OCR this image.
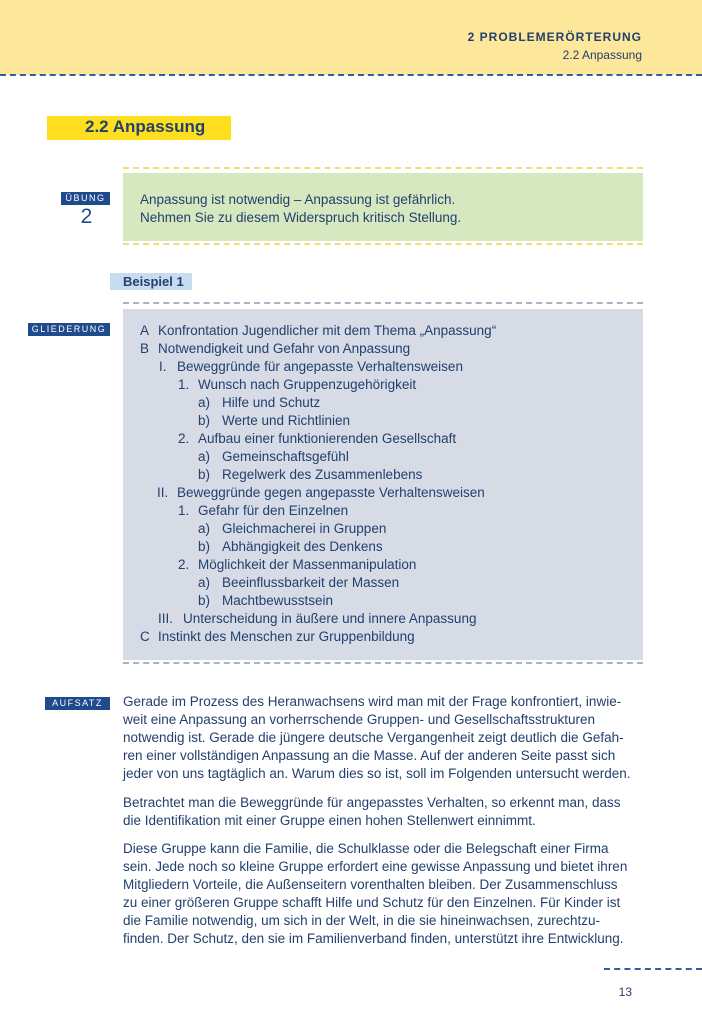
2 PROBLEMERÖRTERUNG
2.2 Anpassung
2.2 Anpassung
ÜBUNG
2
Anpassung ist notwendig – Anpassung ist gefährlich.
Nehmen Sie zu diesem Widerspruch kritisch Stellung.
Beispiel 1
GLIEDERUNG	A Konfrontation Jugendlicher mit dem Thema „Anpassung“
B Notwendigkeit und Gefahr von Anpassung
I. Beweggründe für angepasste Verhaltensweisen
1. Wunsch nach Gruppenzugehörigkeit
a) Hilfe und Schutz
b) Werte und Richtlinien
2. Aufbau einer funktionierenden Gesellschaft
a) Gemeinschaftsgefühl
b) Regelwerk des Zusammenlebens
II. Beweggründe gegen angepasste Verhaltensweisen
1. Gefahr für den Einzelnen
a) Gleichmacherei in Gruppen
b) Abhängigkeit des Denkens
2. Möglichkeit der Massenmanipulation
a) Beeinflussbarkeit der Massen
b) Machtbewusstsein
III. Unterscheidung in äußere und innere Anpassung
C Instinkt des Menschen zur Gruppenbildung
AUFSATZ	Gerade im Prozess des Heranwachsens wird man mit der Frage konfrontiert, inwie-
weit eine Anpassung an vorherrschende Gruppen- und Gesellschaftsstrukturen
notwendig ist. Gerade die jüngere deutsche Vergangenheit zeigt deutlich die Gefah-
ren einer vollständigen Anpassung an die Masse. Auf der anderen Seite passt sich
jeder von uns tagtäglich an. Warum dies so ist, soll im Folgenden untersucht werden.
Betrachtet man die Beweggründe für angepasstes Verhalten, so erkennt man, dass
die Identifikation mit einer Gruppe einen hohen Stellenwert einnimmt.
Diese Gruppe kann die Familie, die Schulklasse oder die Belegschaft einer Firma
sein. Jede noch so kleine Gruppe erfordert eine gewisse Anpassung und bietet ihren
Mitgliedern Vorteile, die Außenseitern vorenthalten bleiben. Der Zusammenschluss
zu einer größeren Gruppe schafft Hilfe und Schutz für den Einzelnen. Für Kinder ist
die Familie notwendig, um sich in der Welt, in die sie hineinwachsen, zurechtzu-
finden. Der Schutz, den sie im Familienverband finden, unterstützt ihre Entwicklung.
13
